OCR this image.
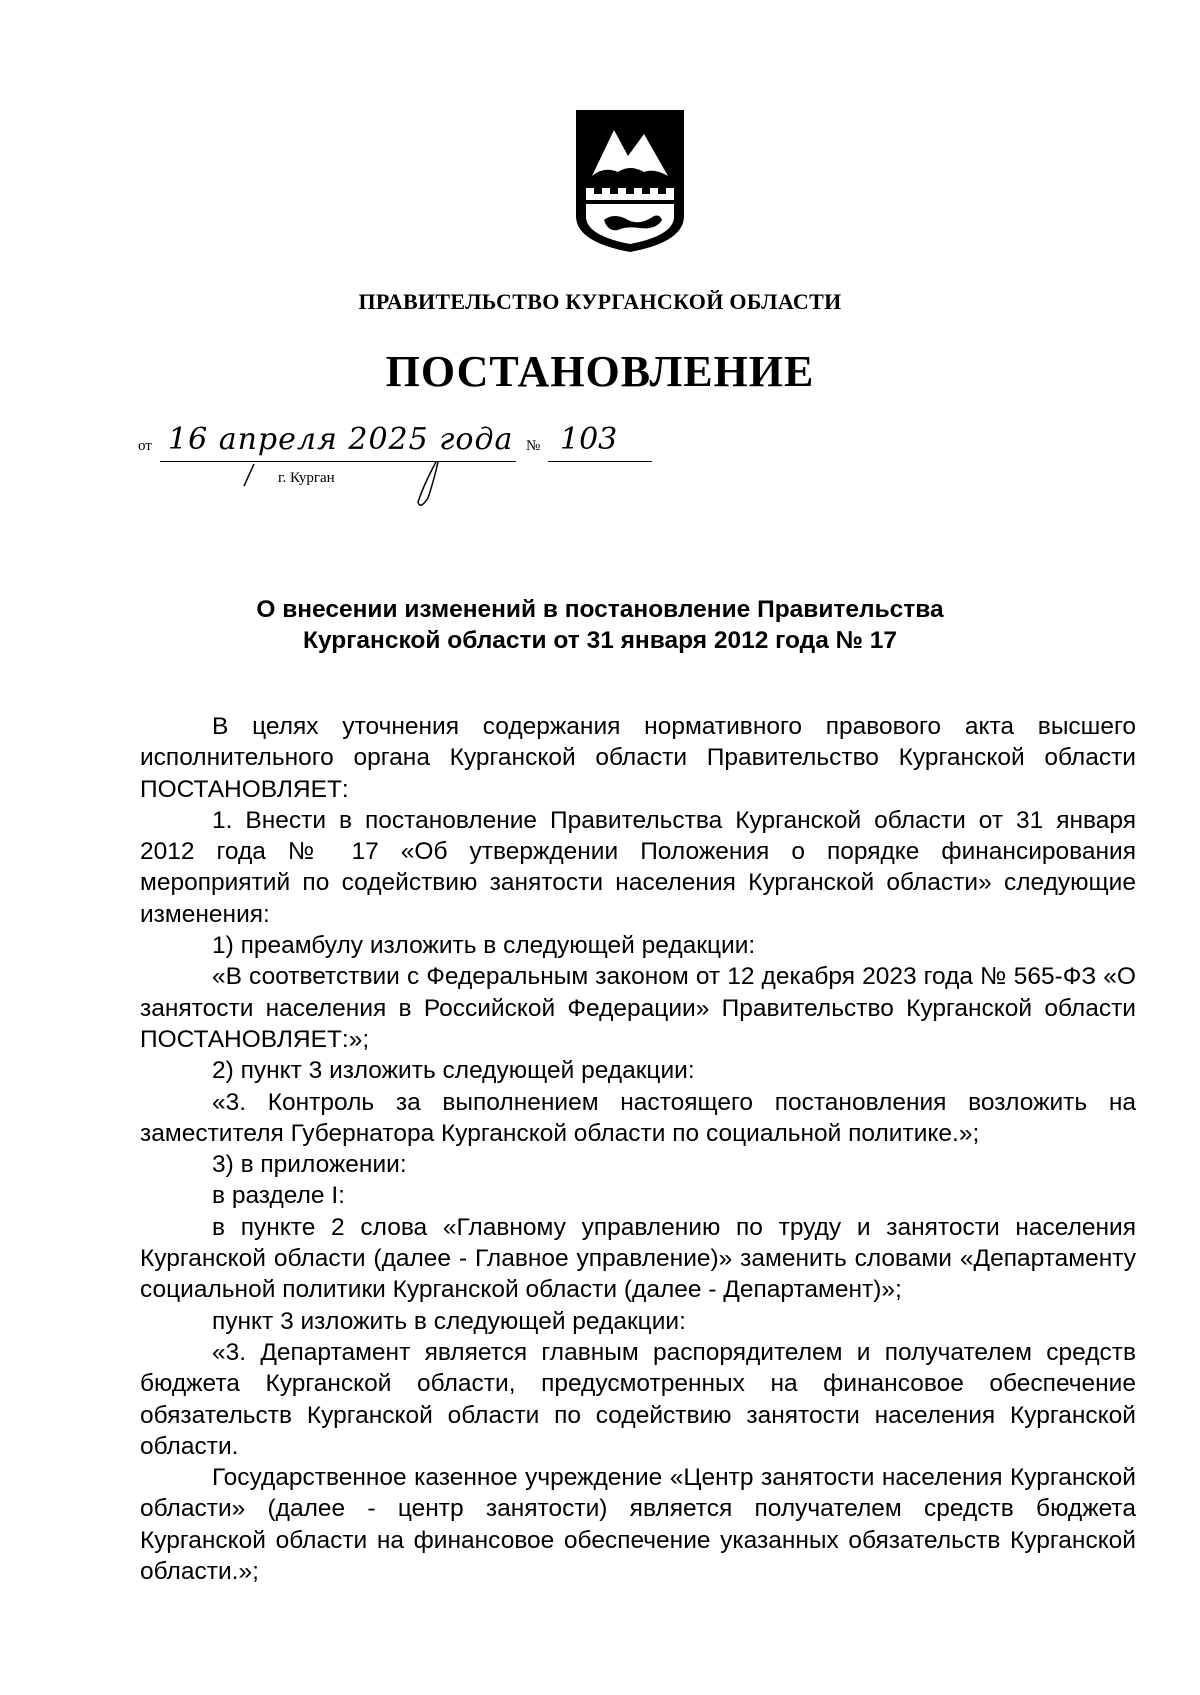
ПРАВИТЕЛЬСТВО КУРГАНСКОЙ ОБЛАСТИ
ПОСТАНОВЛЕНИЕ
от 16 апреля 2025 года № 103
г. Курган
О внесении изменений в постановление Правительства
Курганской области от 31 января 2012 года № 17

В целях уточнения содержания нормативного правового акта высшего исполнительного органа Курганской области Правительство Курганской области ПОСТАНОВЛЯЕТ:

1. Внести в постановление Правительства Курганской области от 31 января 2012 года № 17 «Об утверждении Положения о порядке финансирования мероприятий по содействию занятости населения Курганской области» следующие изменения:

1) преамбулу изложить в следующей редакции:

«В соответствии с Федеральным законом от 12 декабря 2023 года № 565-ФЗ «О занятости населения в Российской Федерации» Правительство Курганской области ПОСТАНОВЛЯЕТ:»;

2) пункт 3 изложить следующей редакции:

«3. Контроль за выполнением настоящего постановления возложить на заместителя Губернатора Курганской области по социальной политике.»;

3) в приложении:

в разделе I:

в пункте 2 слова «Главному управлению по труду и занятости населения Курганской области (далее - Главное управление)» заменить словами «Департаменту социальной политики Курганской области (далее - Департамент)»;

пункт 3 изложить в следующей редакции:

«3. Департамент является главным распорядителем и получателем средств бюджета Курганской области, предусмотренных на финансовое обеспечение обязательств Курганской области по содействию занятости населения Курганской области.

Государственное казенное учреждение «Центр занятости населения Курганской области» (далее - центр занятости) является получателем средств бюджета Курганской области на финансовое обеспечение указанных обязательств Курганской области.»;
